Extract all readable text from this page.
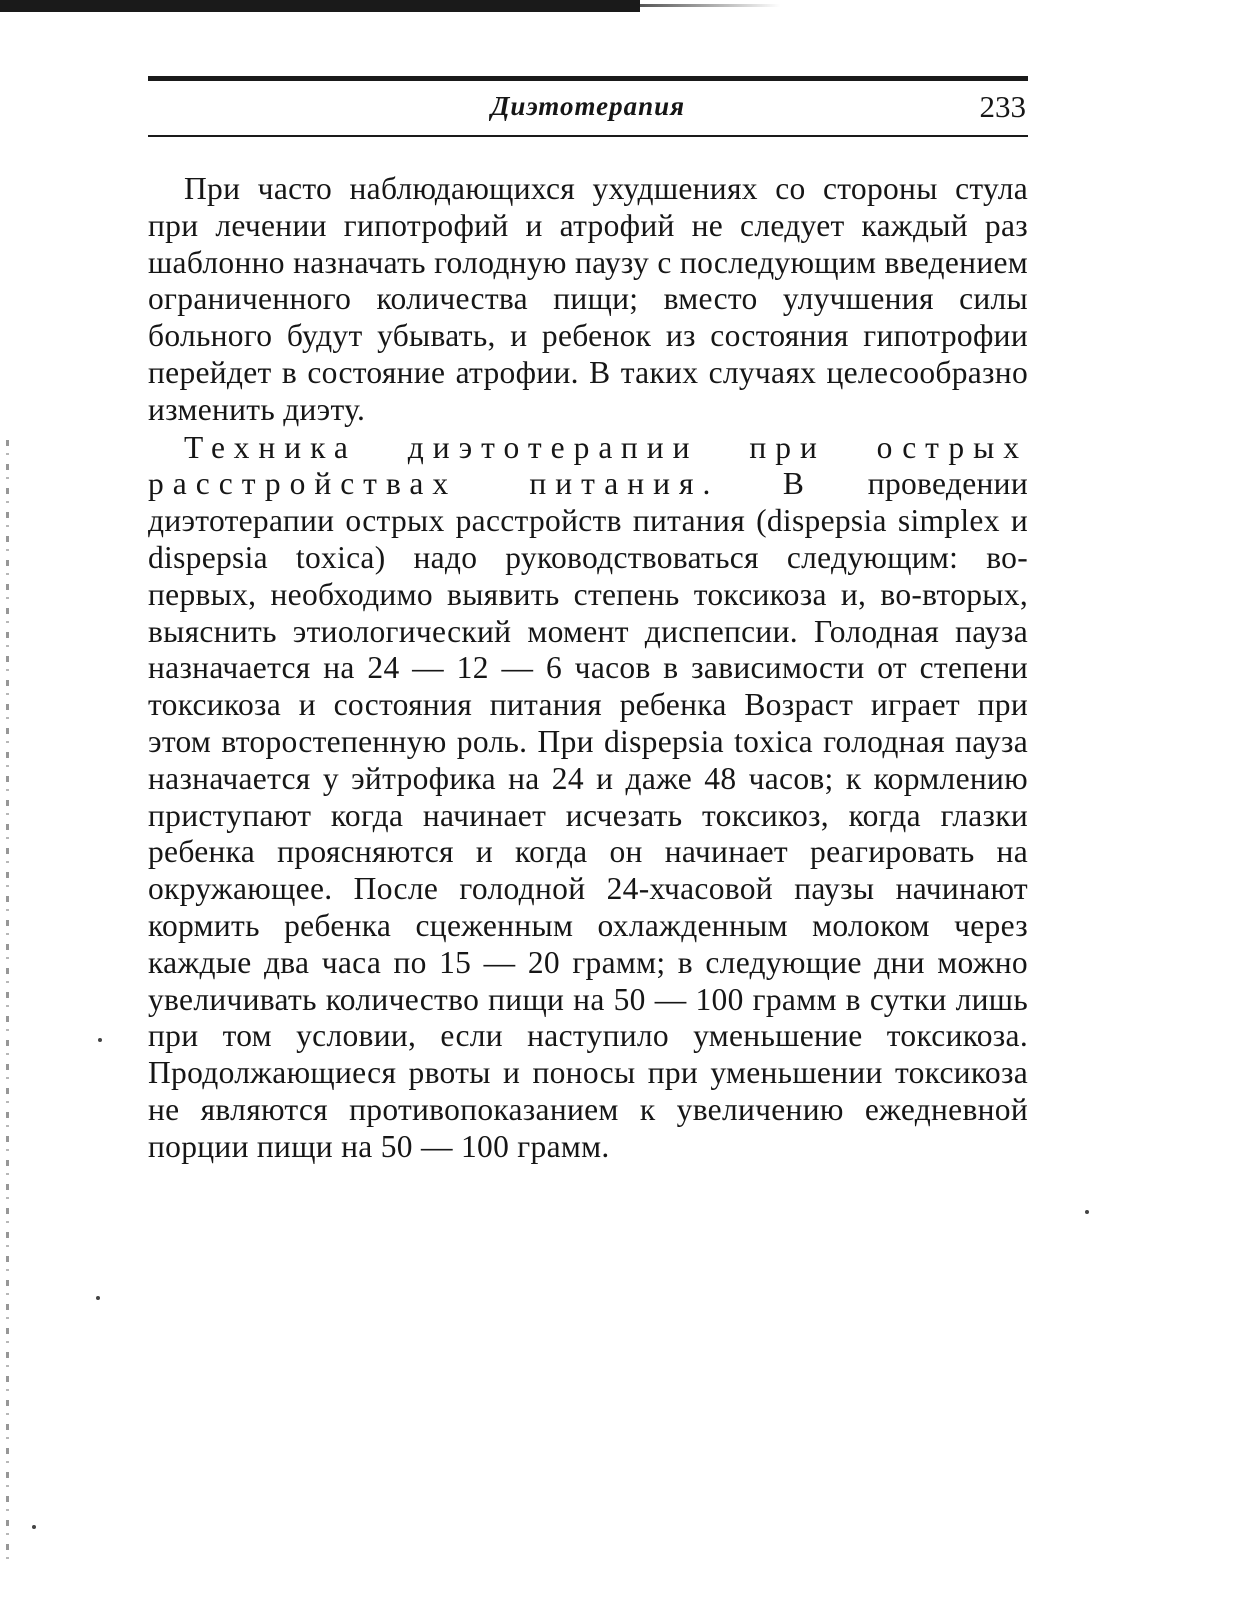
Диэтотерапия	233

При часто наблюдающихся ухудшениях со стороны стула при лечении гипотрофий и атрофий не следует каждый раз шаблонно назначать голодную паузу с последующим введением ограниченного количества пищи; вместо улучшения силы больного будут убывать, и ребенок из состояния гипотрофии перейдет в состояние атрофии. В таких случаях целесообразно изменить диэту.

Техника диэтотерапии при острых расстройствах питания. В проведении диэтотерапии острых расстройств питания (dispepsia simplex и dispepsia toxica) надо руководствоваться следующим: во-первых, необходимо выявить степень токсикоза и, во-вторых, выяснить этиологический момент диспепсии. Голодная пауза назначается на 24 — 12 — 6 часов в зависимости от степени токсикоза и состояния питания ребенка Возраст играет при этом второстепенную роль. При dispepsia toxica голодная пауза назначается у эйтрофика на 24 и даже 48 часов; к кормлению приступают когда начинает исчезать токсикоз, когда глазки ребенка проясняются и когда он начинает реагировать на окружающее. После голодной 24-хчасовой паузы начинают кормить ребенка сцеженным охлажденным молоком через каждые два часа по 15 — 20 грамм; в следующие дни можно увеличивать количество пищи на 50 — 100 грамм в сутки лишь при том условии, если наступило уменьшение токсикоза. Продолжающиеся рвоты и поносы при уменьшении токсикоза не являются противопоказанием к увеличению ежедневной порции пищи на 50 — 100 грамм.
